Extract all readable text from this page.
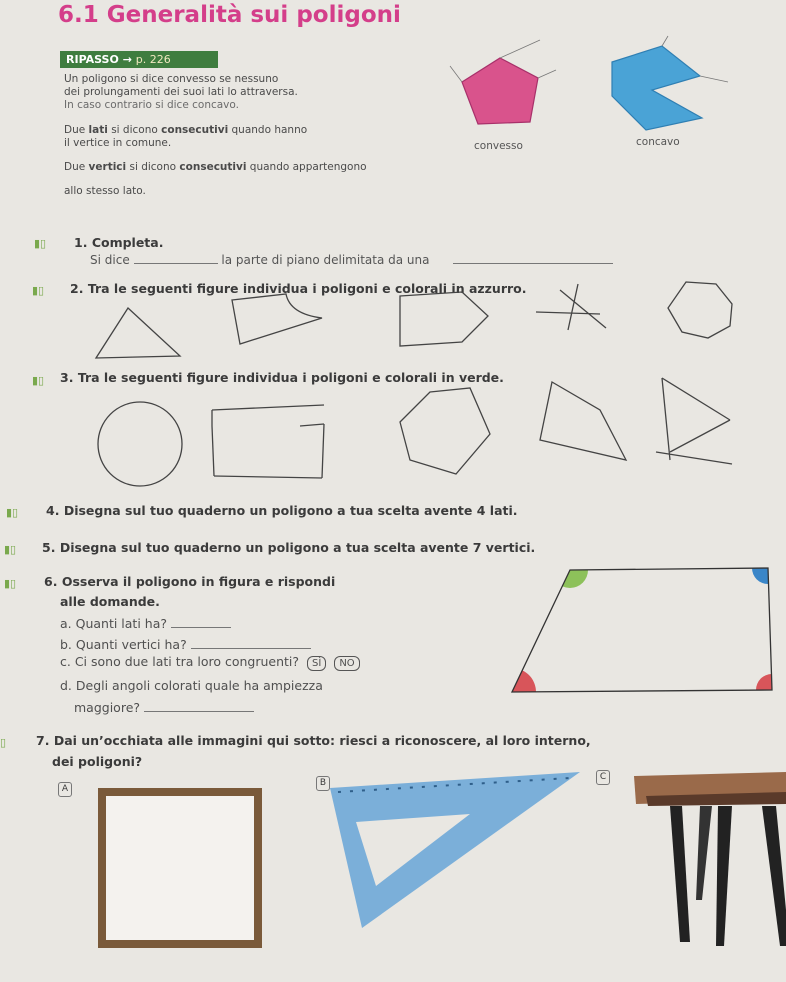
6.1 Generalità sui poligoni
RIPASSO → p. 226
Un poligono si dice convesso se nessuno
dei prolungamenti dei suoi lati lo attraversa.
In caso contrario si dice concavo.
Due lati si dicono consecutivi quando hanno
il vertice in comune.
Due vertici si dicono consecutivi quando appartengono
allo stesso lato.
convesso	concavo
▮▯ 1. Completa.
Si dice	la parte di piano delimitata da una
▮▯ 2. Tra le seguenti figure individua i poligoni e colorali in azzurro.
▮▯ 3. Tra le seguenti figure individua i poligoni e colorali in verde.
▮▯ 4. Disegna sul tuo quaderno un poligono a tua scelta avente 4 lati.
▮▯ 5. Disegna sul tuo quaderno un poligono a tua scelta avente 7 vertici.
▮▯ 6. Osserva il poligono in figura e rispondi
alle domande.
a. Quanti lati ha?
b. Quanti vertici ha?
c. Ci sono due lati tra loro congruenti? SÌ NO
d. Degli angoli colorati quale ha ampiezza
maggiore?
▯ 7. Dai un’occhiata alle immagini qui sotto: riesci a riconoscere, al loro interno,
dei poligoni?
A
B
C
